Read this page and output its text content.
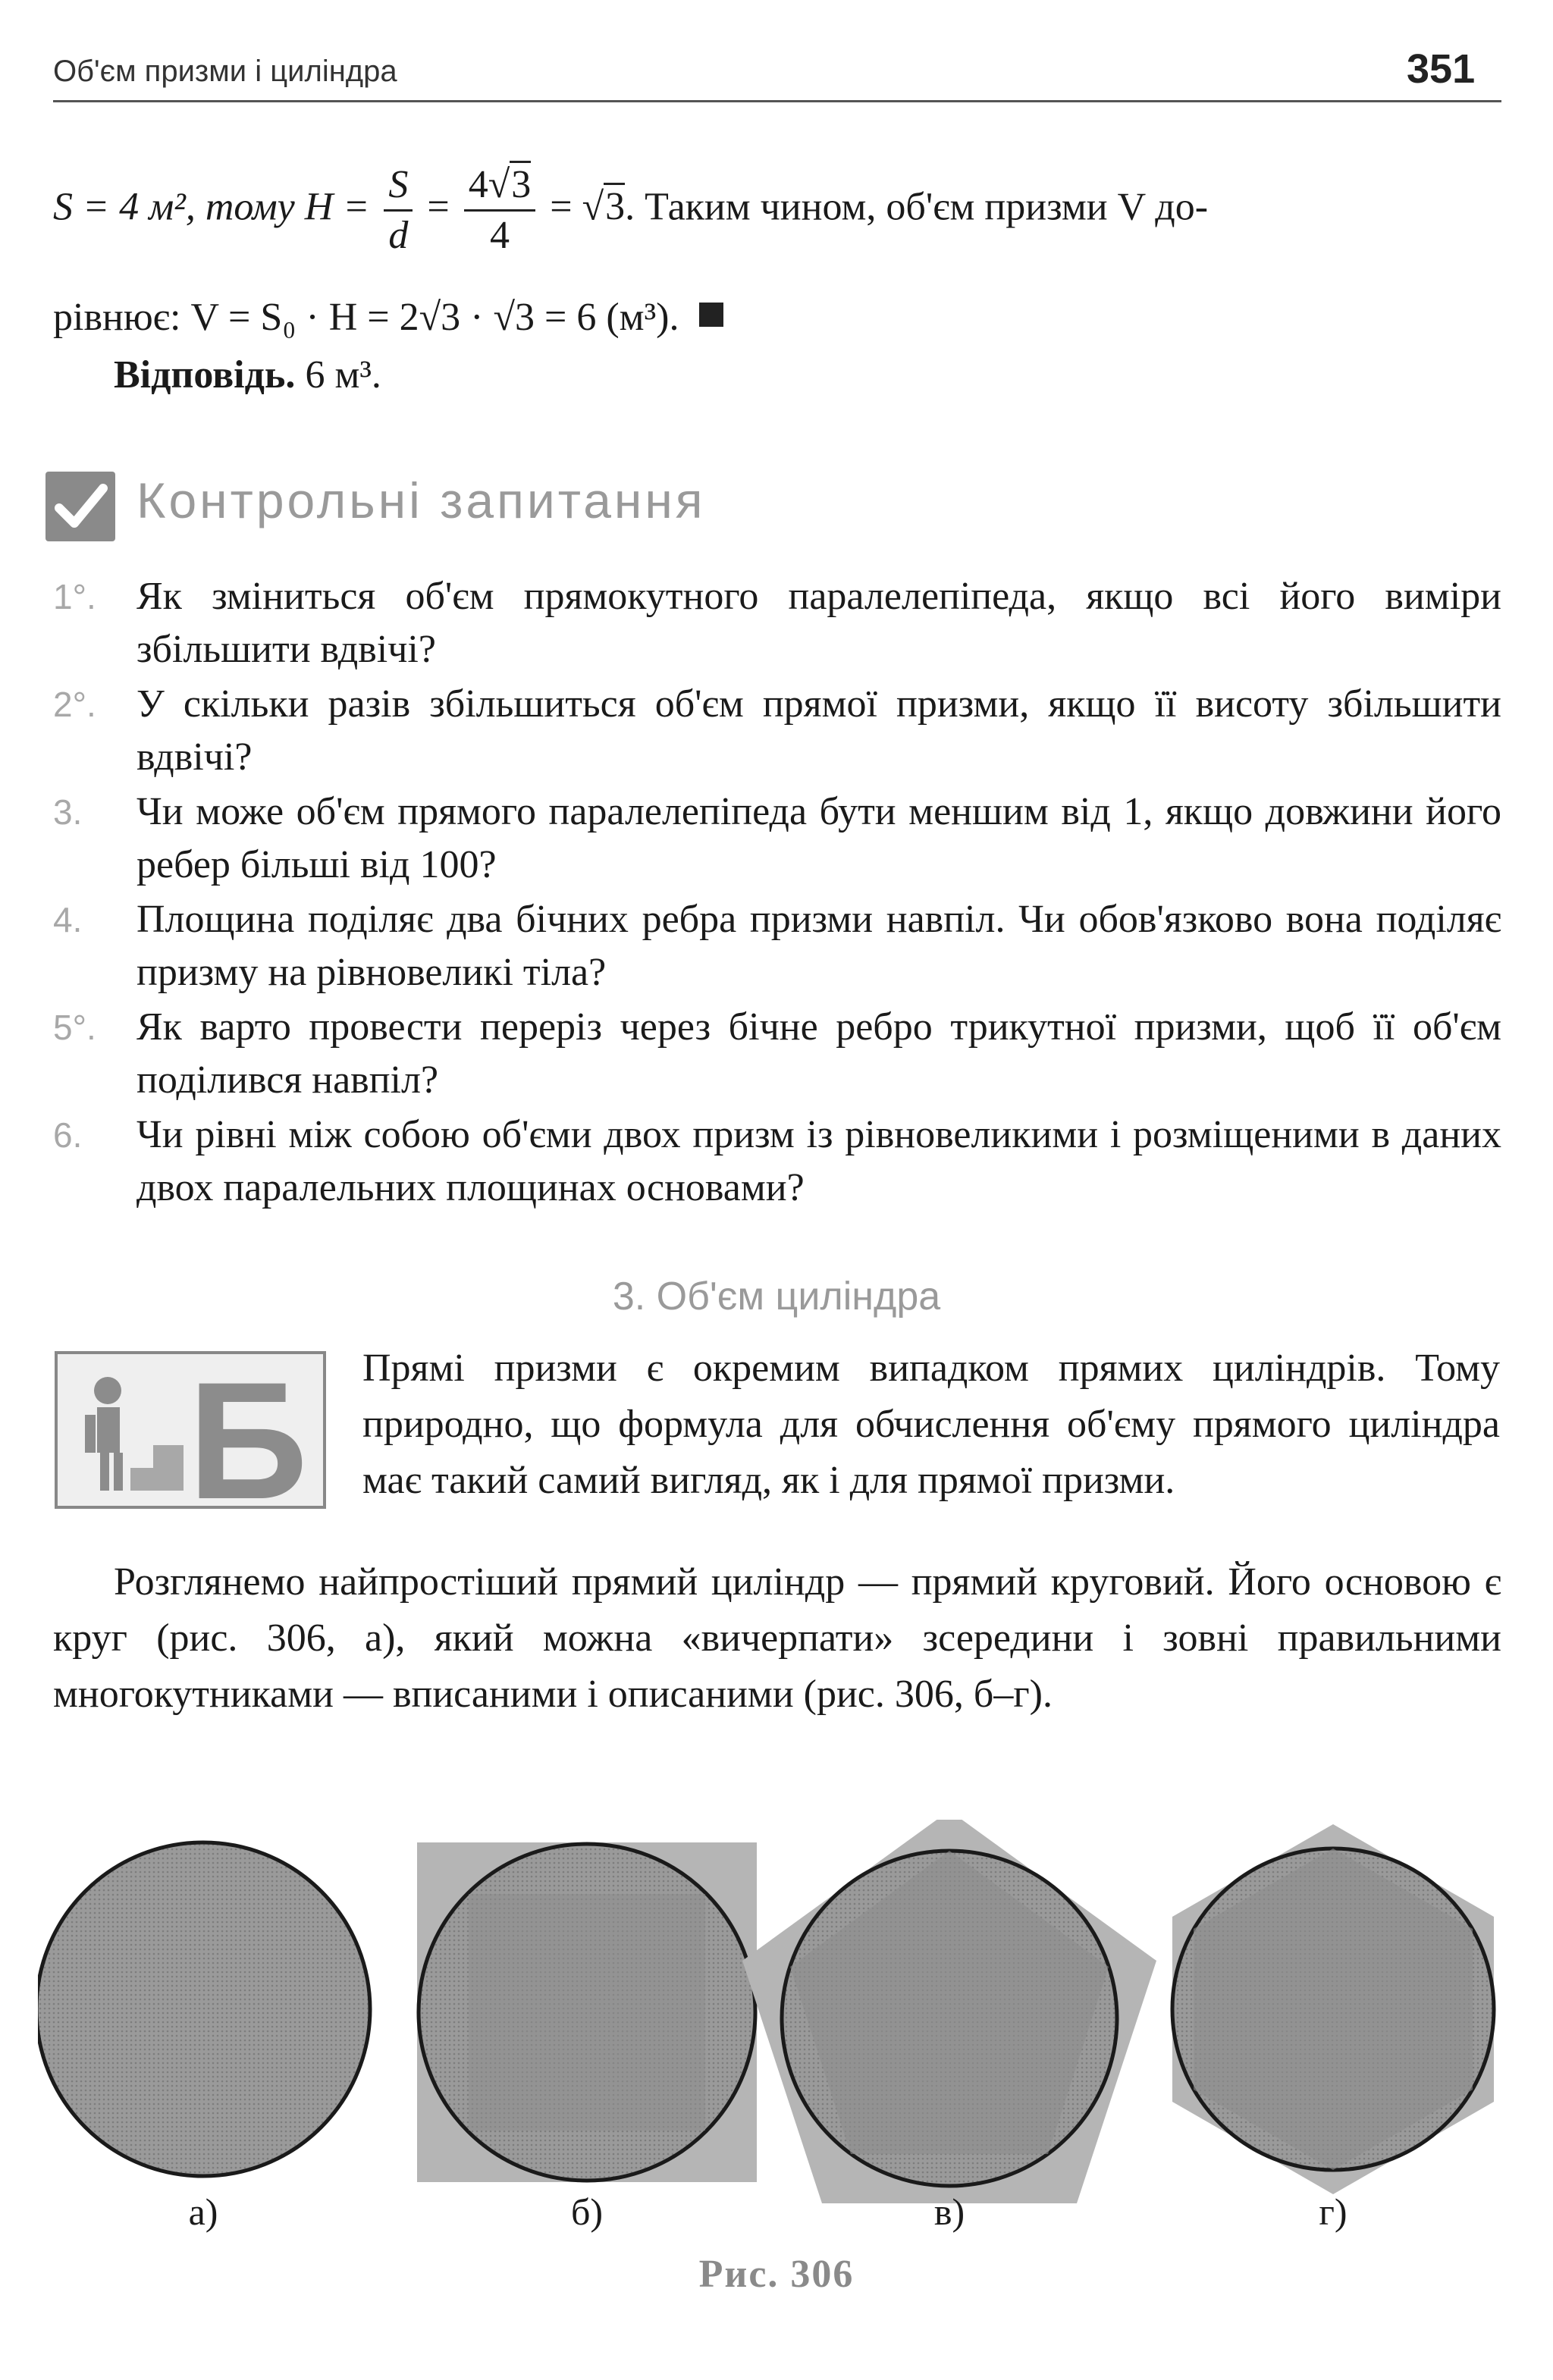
Об'єм призми і циліндра	351
S = 4 м², тому $H = \frac{S}{d} = \frac{4√3}{4} = √3$. Таким чином, об'єм призми V до-
рівнює: V = S₀ · H = 2√3 · √3 = 6 (м³).
Відповідь. 6 м³.
Контрольні запитання
1°. Як зміниться об'єм прямокутного паралелепіпеда, якщо всі його виміри збільшити вдвічі?
2°. У скільки разів збільшиться об'єм прямої призми, якщо її висоту збільшити вдвічі?
3. Чи може об'єм прямого паралелепіпеда бути меншим від 1, якщо довжини його ребер більші від 100?
4. Площина поділяє два бічних ребра призми навпіл. Чи обов'язково вона поділяє призму на рівновеликі тіла?
5°. Як варто провести переріз через бічне ребро трикутної призми, щоб її об'єм поділився навпіл?
6. Чи рівні між собою об'єми двох призм із рівновеликими і розміщеними в даних двох паралельних площинах основами?
3. Об'єм циліндра
Б Прямі призми є окремим випадком прямих циліндрів. Тому природно, що формула для обчислення об'єму прямого циліндра має такий самий вигляд, як і для прямої призми.
Розглянемо найпростіший прямий циліндр — прямий круговий. Його основою є круг (рис. 306, а), який можна «вичерпати» зсередини і зовні правильними многокутниками — вписаними і описаними (рис. 306, б–г).
а)	б)	в)	г)
Рис. 306
